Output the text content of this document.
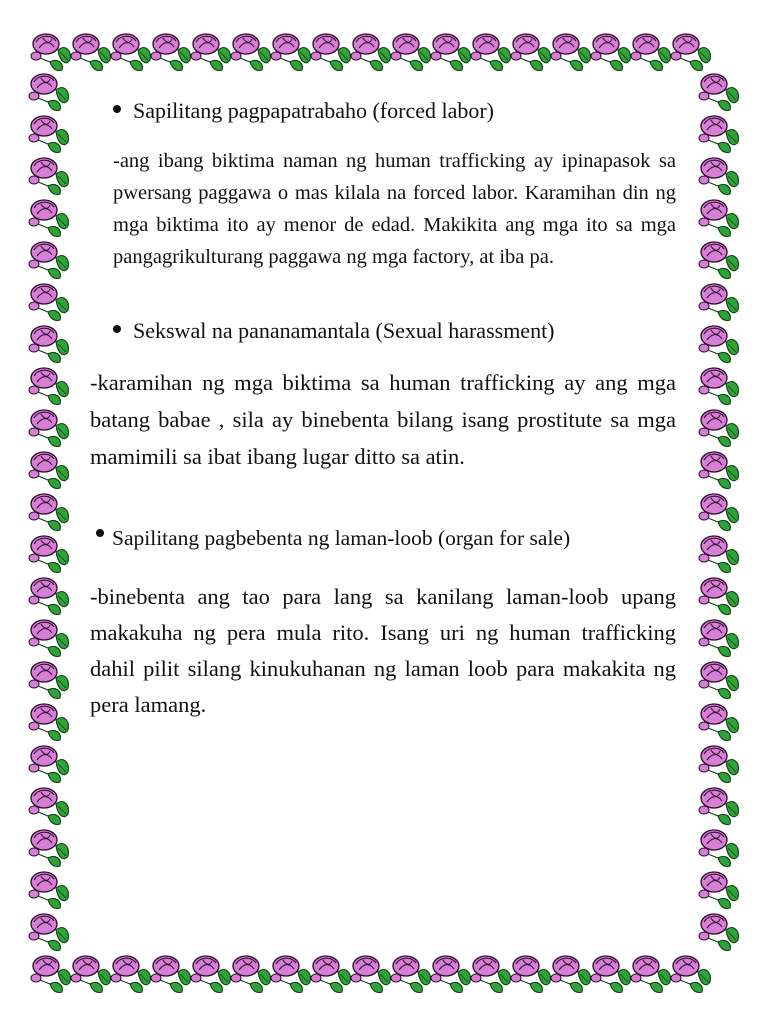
Sapilitang pagpapatrabaho (forced labor)

-ang ibang biktima naman ng human trafficking ay ipinapasok sa pwersang paggawa o mas kilala na forced labor. Karamihan din ng mga biktima ito ay menor de edad. Makikita ang mga ito sa mga pangagrikulturang paggawa ng mga factory, at iba pa.

Sekswal na pananamantala (Sexual harassment)

-karamihan ng mga biktima sa human trafficking ay ang mga batang babae , sila ay binebenta bilang isang prostitute sa mga mamimili sa ibat ibang lugar ditto sa atin.

Sapilitang pagbebenta ng laman-loob (organ for sale)

-binebenta ang tao para lang sa kanilang laman-loob upang makakuha ng pera mula rito. Isang uri ng human trafficking dahil pilit silang kinukuhanan ng laman loob para makakita ng pera lamang.
